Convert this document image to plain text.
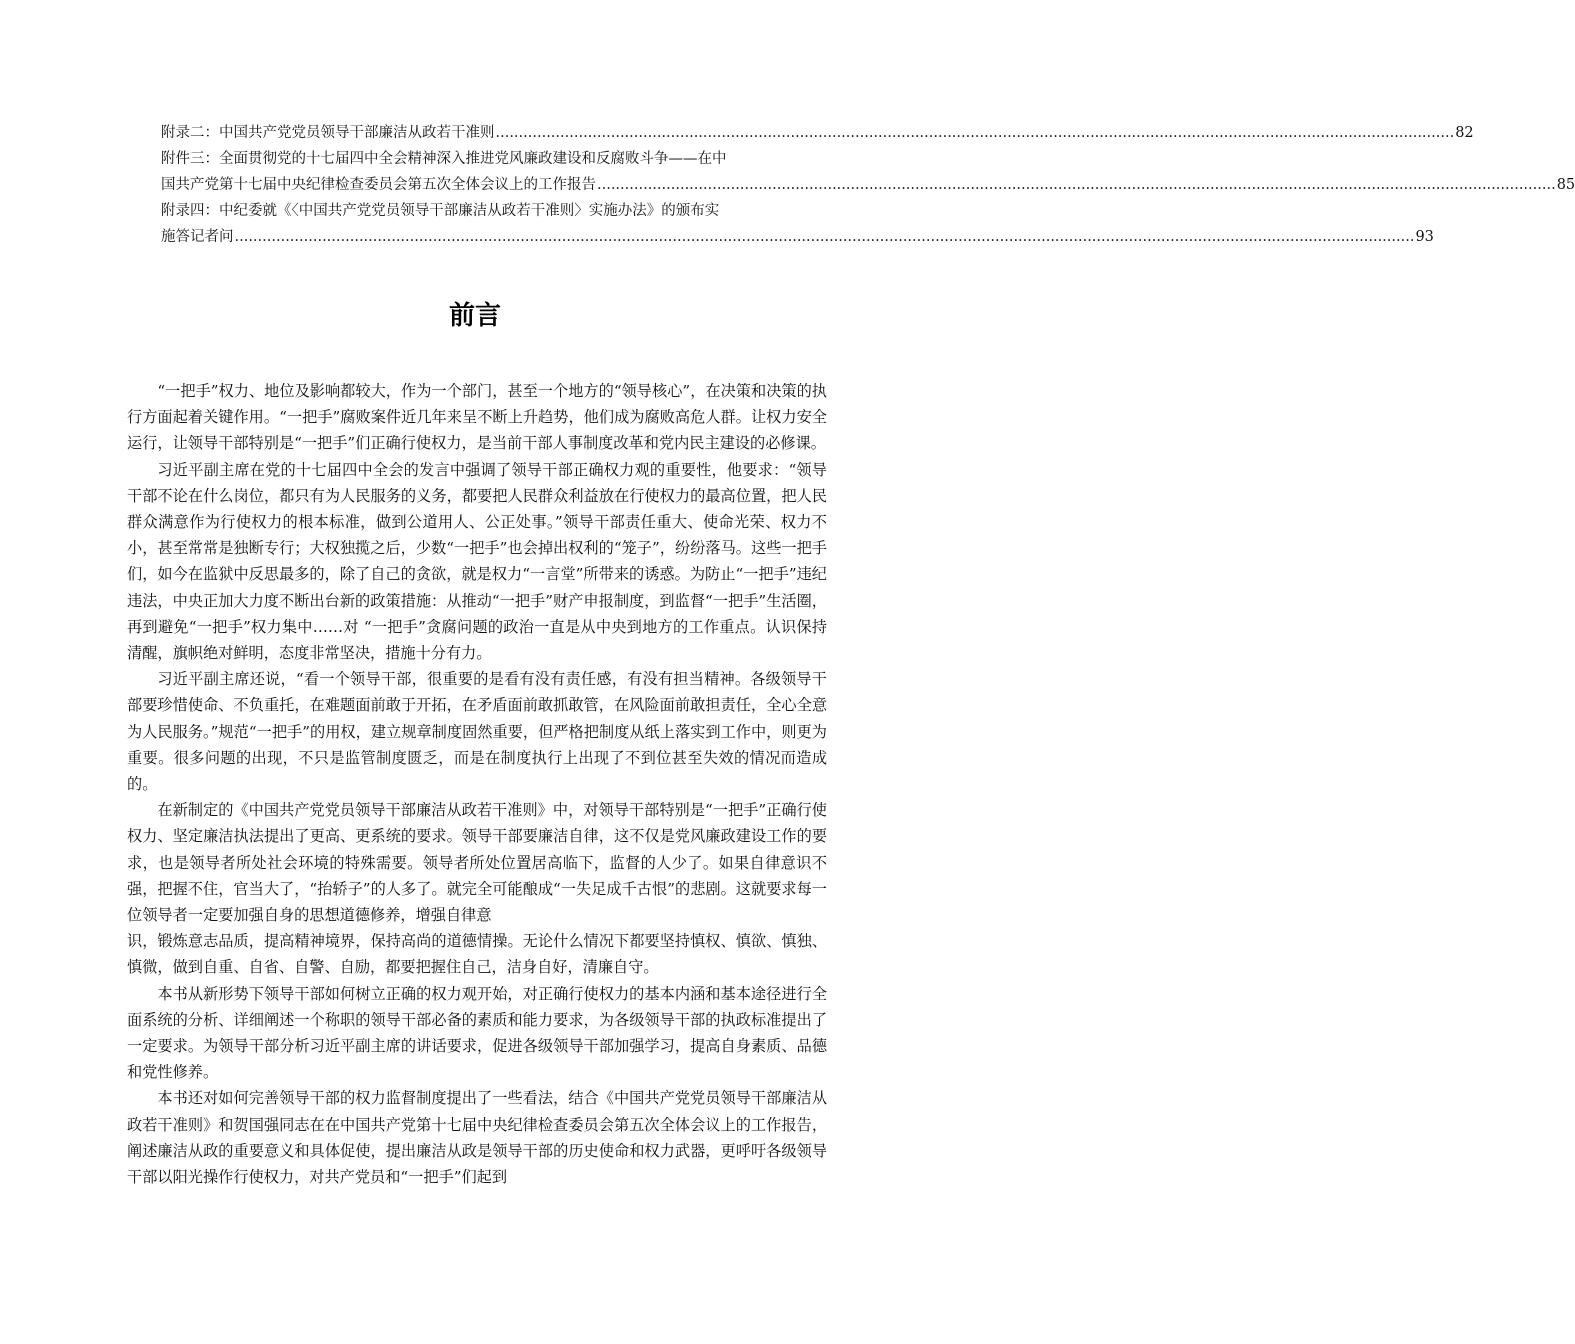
附录二：中国共产党党员领导干部廉洁从政若干准则 ................................................................................................................................................................................................................ 82
附件三：全面贯彻党的十七届四中全会精神深入推进党风廉政建设和反腐败斗争——在中
国共产党第十七届中央纪律检查委员会第五次全体会议上的工作报告 ................................................................................................................................................................................................................ 85
附录四：中纪委就《〈中国共产党党员领导干部廉洁从政若干准则〉实施办法》的颁布实
施答记者问 ................................................................................................................................................................................................................................................................ 93
前言

“一把手”权力、地位及影响都较大，作为一个部门，甚至一个地方的“领导核心”，在决策和决策的执行方面起着关键作用。“一把手”腐败案件近几年来呈不断上升趋势，他们成为腐败高危人群。让权力安全运行，让领导干部特别是“一把手”们正确行使权力，是当前干部人事制度改革和党内民主建设的必修课。

习近平副主席在党的十七届四中全会的发言中强调了领导干部正确权力观的重要性，他要求：“领导干部不论在什么岗位，都只有为人民服务的义务，都要把人民群众利益放在行使权力的最高位置，把人民群众满意作为行使权力的根本标准，做到公道用人、公正处事。”领导干部责任重大、使命光荣、权力不小，甚至常常是独断专行；大权独揽之后，少数“一把手”也会掉出权利的“笼子”，纷纷落马。这些一把手们，如今在监狱中反思最多的，除了自己的贪欲，就是权力“一言堂”所带来的诱惑。为防止“一把手”违纪违法，中央正加大力度不断出台新的政策措施：从推动“一把手”财产申报制度，到监督“一把手”生活圈，再到避免“一把手”权力集中……对 “一把手”贪腐问题的政治一直是从中央到地方的工作重点。认识保持清醒，旗帜绝对鲜明，态度非常坚决，措施十分有力。

习近平副主席还说，“看一个领导干部，很重要的是看有没有责任感，有没有担当精神。各级领导干部要珍惜使命、不负重托，在难题面前敢于开拓，在矛盾面前敢抓敢管，在风险面前敢担责任，全心全意为人民服务。”规范“一把手”的用权，建立规章制度固然重要，但严格把制度从纸上落实到工作中，则更为重要。很多问题的出现，不只是监管制度匮乏，而是在制度执行上出现了不到位甚至失效的情况而造成的。

在新制定的《中国共产党党员领导干部廉洁从政若干准则》中，对领导干部特别是“一把手”正确行使权力、坚定廉洁执法提出了更高、更系统的要求。领导干部要廉洁自律，这不仅是党风廉政建设工作的要求，也是领导者所处社会环境的特殊需要。领导者所处位置居高临下，监督的人少了。如果自律意识不强，把握不住，官当大了，“抬轿子”的人多了。就完全可能酿成“一失足成千古恨”的悲剧。这就要求每一位领导者一定要加强自身的思想道德修养，增强自律意

识，锻炼意志品质，提高精神境界，保持高尚的道德情操。无论什么情况下都要坚持慎权、慎欲、慎独、慎微，做到自重、自省、自警、自励，都要把握住自己，洁身自好，清廉自守。

本书从新形势下领导干部如何树立正确的权力观开始，对正确行使权力的基本内涵和基本途径进行全面系统的分析、详细阐述一个称职的领导干部必备的素质和能力要求，为各级领导干部的执政标准提出了一定要求。为领导干部分析习近平副主席的讲话要求，促进各级领导干部加强学习，提高自身素质、品德和党性修养。

本书还对如何完善领导干部的权力监督制度提出了一些看法，结合《中国共产党党员领导干部廉洁从政若干准则》和贺国强同志在在中国共产党第十七届中央纪律检查委员会第五次全体会议上的工作报告，阐述廉洁从政的重要意义和具体促使，提出廉洁从政是领导干部的历史使命和权力武器，更呼吁各级领导干部以阳光操作行使权力，对共产党员和“一把手”们起到
